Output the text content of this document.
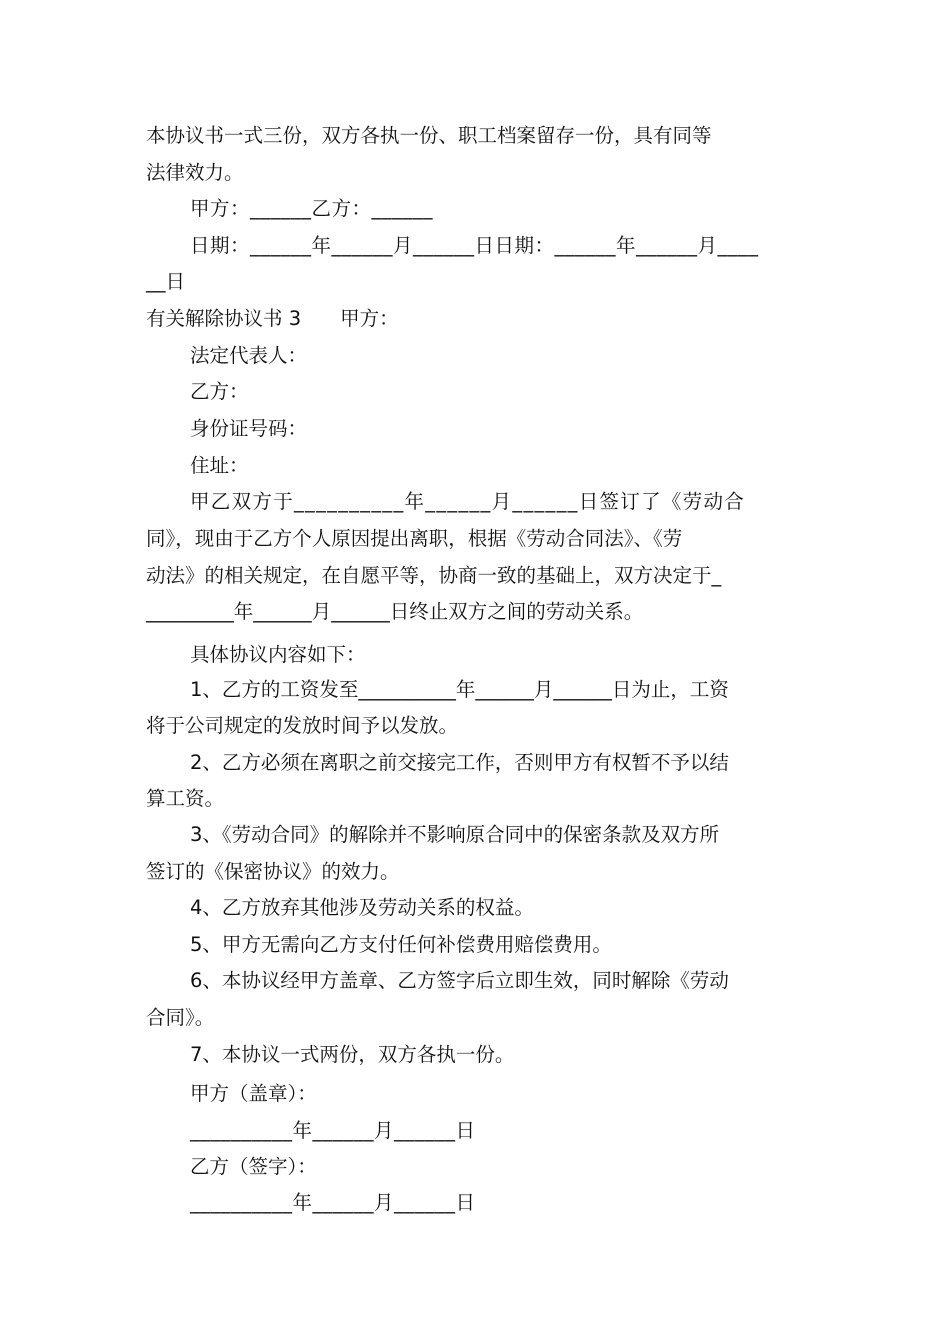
本协议书一式三份，双方各执一份、职工档案留存一份，具有同等

法律效力。

甲方：______乙方：______

日期：______年______月______日日期：______年______月____

__日

有关解除协议书 3　　甲方：

法定代表人：

乙方：

身份证号码：

住址：

甲乙双方于__________年______月______日签订了《劳动合

同》，现由于乙方个人原因提出离职，根据《劳动合同法》、《劳

动法》的相关规定，在自愿平等，协商一致的基础上，双方决定于_

_________年______月______日终止双方之间的劳动关系。

具体协议内容如下：

1、乙方的工资发至__________年______月______日为止，工资

将于公司规定的发放时间予以发放。

2、乙方必须在离职之前交接完工作，否则甲方有权暂不予以结

算工资。

3、《劳动合同》的解除并不影响原合同中的保密条款及双方所

签订的《保密协议》的效力。

4、乙方放弃其他涉及劳动关系的权益。

5、甲方无需向乙方支付任何补偿费用赔偿费用。

6、本协议经甲方盖章、乙方签字后立即生效，同时解除《劳动

合同》。

7、本协议一式两份，双方各执一份。

甲方（盖章）：

__________年______月______日

乙方（签字）：

__________年______月______日
